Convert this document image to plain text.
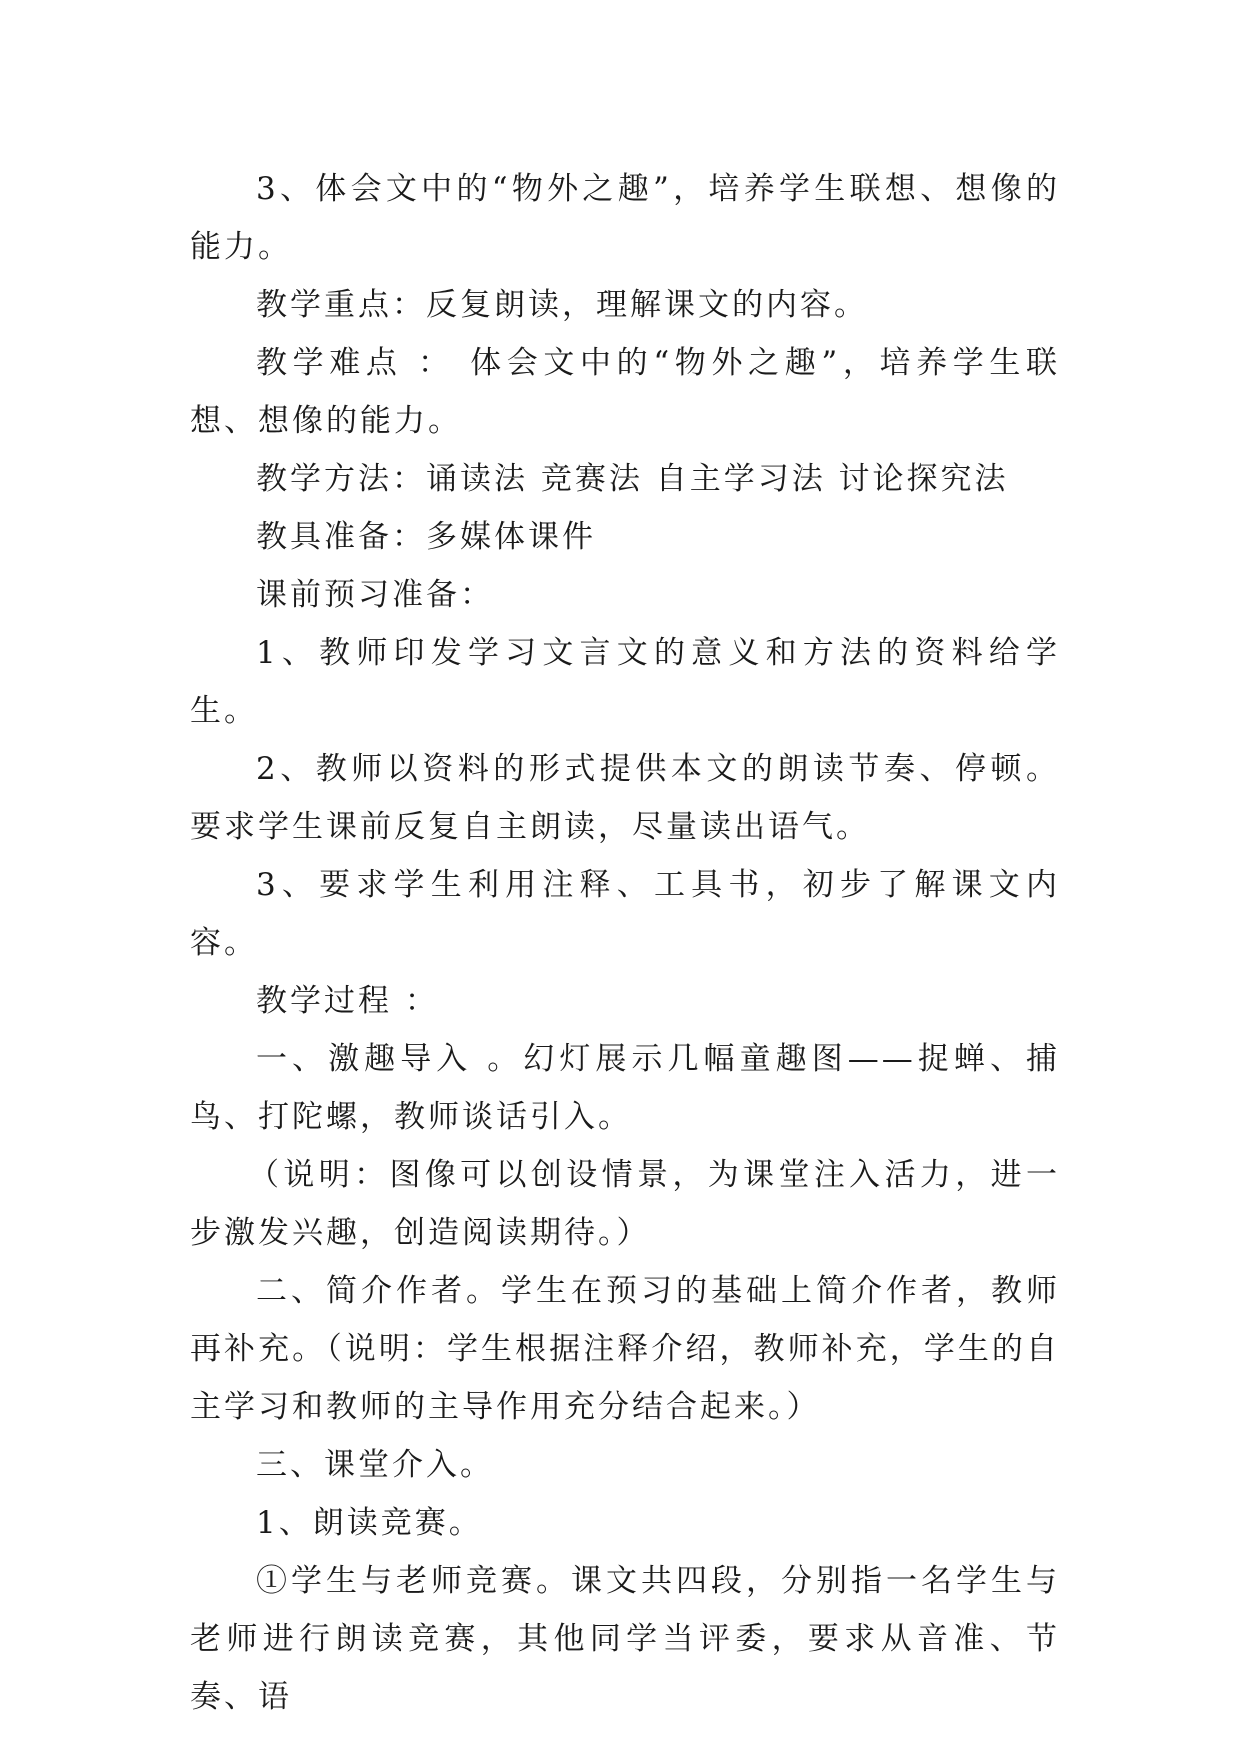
3、体会文中的“物外之趣”，培养学生联想、想像的能力。

教学重点：反复朗读，理解课文的内容。

教学难点 ： 体会文中的“物外之趣”，培养学生联想、想像的能力。

教学方法：诵读法 竞赛法 自主学习法 讨论探究法

教具准备：多媒体课件

课前预习准备：

1、教师印发学习文言文的意义和方法的资料给学生。

2、教师以资料的形式提供本文的朗读节奏、停顿。要求学生课前反复自主朗读，尽量读出语气。

3、要求学生利用注释、工具书，初步了解课文内容。

教学过程 ：

一、激趣导入 。幻灯展示几幅童趣图——捉蝉、捕鸟、打陀螺，教师谈话引入。

（说明：图像可以创设情景，为课堂注入活力，进一步激发兴趣，创造阅读期待。）

二、简介作者。学生在预习的基础上简介作者，教师再补充。（说明：学生根据注释介绍，教师补充，学生的自主学习和教师的主导作用充分结合起来。）

三、课堂介入。

1、朗读竞赛。

①学生与老师竞赛。课文共四段，分别指一名学生与老师进行朗读竞赛，其他同学当评委，要求从音准、节奏、语
